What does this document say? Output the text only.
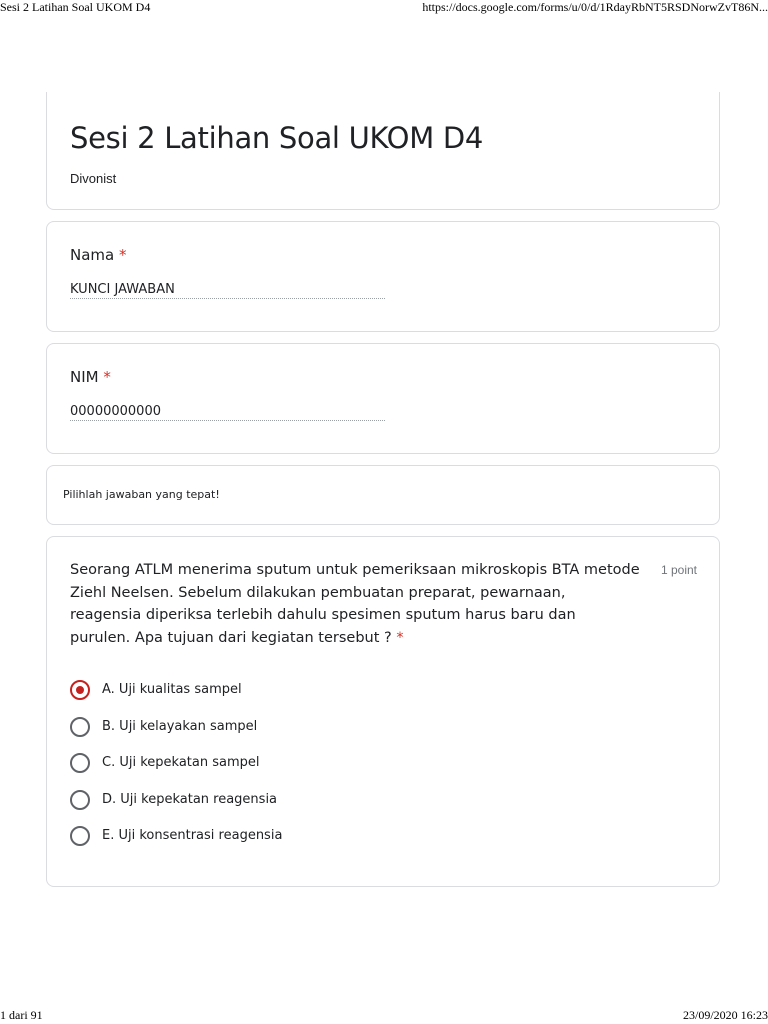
Sesi 2 Latihan Soal UKOM D4	https://docs.google.com/forms/u/0/d/1RdayRbNT5RSDNorwZvT86N...
Sesi 2 Latihan Soal UKOM D4
Divonist
Nama *
KUNCI JAWABAN
NIM *
00000000000
Pilihlah jawaban yang tepat!
Seorang ATLM menerima sputum untuk pemeriksaan mikroskopis BTA metode Ziehl Neelsen. Sebelum dilakukan pembuatan preparat, pewarnaan, reagensia diperiksa terlebih dahulu spesimen sputum harus baru dan purulen. Apa tujuan dari kegiatan tersebut ? *
1 point
A. Uji kualitas sampel
B. Uji kelayakan sampel
C. Uji kepekatan sampel
D. Uji kepekatan reagensia
E. Uji konsentrasi reagensia
1 dari 91	23/09/2020 16:23
